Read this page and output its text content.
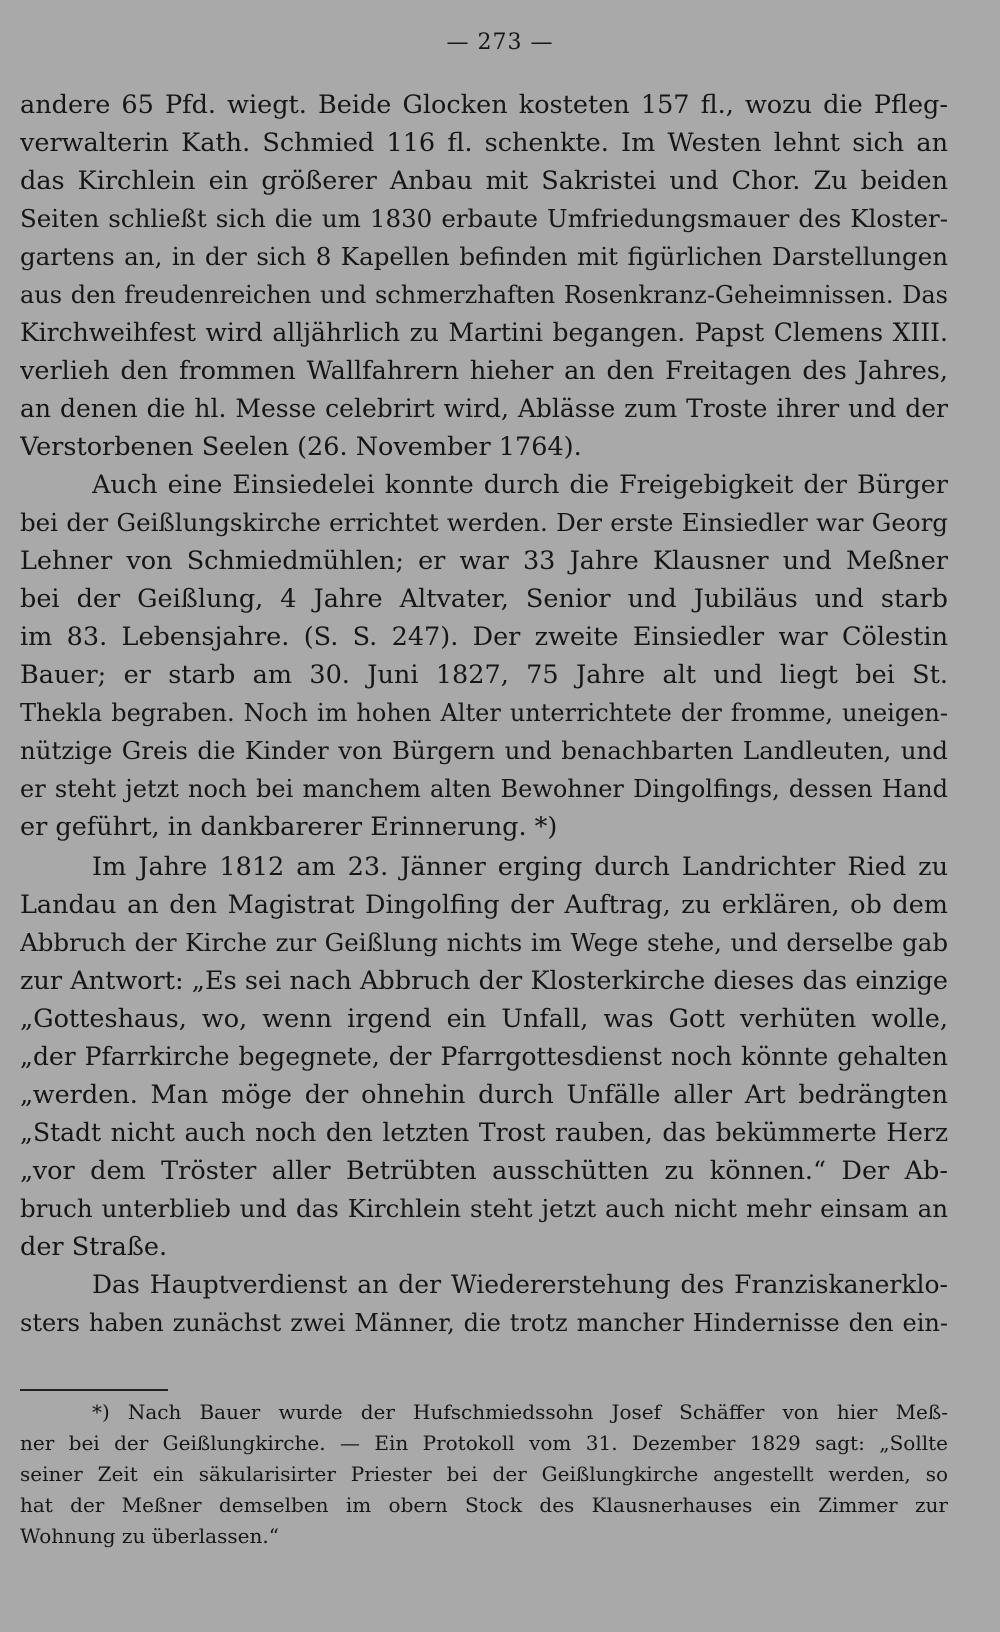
— 273 —
andere 65 Pfd. wiegt. Beide Glocken kosteten 157 fl., wozu die Pfleg-
verwalterin Kath. Schmied 116 fl. schenkte. Im Westen lehnt sich an
das Kirchlein ein größerer Anbau mit Sakristei und Chor. Zu beiden
Seiten schließt sich die um 1830 erbaute Umfriedungsmauer des Kloster-
gartens an, in der sich 8 Kapellen befinden mit figürlichen Darstellungen
aus den freudenreichen und schmerzhaften Rosenkranz-Geheimnissen. Das
Kirchweihfest wird alljährlich zu Martini begangen. Papst Clemens XIII.
verlieh den frommen Wallfahrern hieher an den Freitagen des Jahres,
an denen die hl. Messe celebrirt wird, Ablässe zum Troste ihrer und der
Verstorbenen Seelen (26. November 1764).
Auch eine Einsiedelei konnte durch die Freigebigkeit der Bürger
bei der Geißlungskirche errichtet werden. Der erste Einsiedler war Georg
Lehner von Schmiedmühlen; er war 33 Jahre Klausner und Meßner
bei der Geißlung, 4 Jahre Altvater, Senior und Jubiläus und starb
im 83. Lebensjahre. (S. S. 247). Der zweite Einsiedler war Cölestin
Bauer; er starb am 30. Juni 1827, 75 Jahre alt und liegt bei St.
Thekla begraben. Noch im hohen Alter unterrichtete der fromme, uneigen-
nützige Greis die Kinder von Bürgern und benachbarten Landleuten, und
er steht jetzt noch bei manchem alten Bewohner Dingolfings, dessen Hand
er geführt, in dankbarerer Erinnerung. *)
Im Jahre 1812 am 23. Jänner erging durch Landrichter Ried zu
Landau an den Magistrat Dingolfing der Auftrag, zu erklären, ob dem
Abbruch der Kirche zur Geißlung nichts im Wege stehe, und derselbe gab
zur Antwort: „Es sei nach Abbruch der Klosterkirche dieses das einzige
„Gotteshaus, wo, wenn irgend ein Unfall, was Gott verhüten wolle,
„der Pfarrkirche begegnete, der Pfarrgottesdienst noch könnte gehalten
„werden. Man möge der ohnehin durch Unfälle aller Art bedrängten
„Stadt nicht auch noch den letzten Trost rauben, das bekümmerte Herz
„vor dem Tröster aller Betrübten ausschütten zu können.“ Der Ab-
bruch unterblieb und das Kirchlein steht jetzt auch nicht mehr einsam an
der Straße.
Das Hauptverdienst an der Wiedererstehung des Franziskanerklo-
sters haben zunächst zwei Männer, die trotz mancher Hindernisse den ein-
*) Nach Bauer wurde der Hufschmiedssohn Josef Schäffer von hier Meß-
ner bei der Geißlungkirche. — Ein Protokoll vom 31. Dezember 1829 sagt: „Sollte
seiner Zeit ein säkularisirter Priester bei der Geißlungkirche angestellt werden, so
hat der Meßner demselben im obern Stock des Klausnerhauses ein Zimmer zur
Wohnung zu überlassen.“
